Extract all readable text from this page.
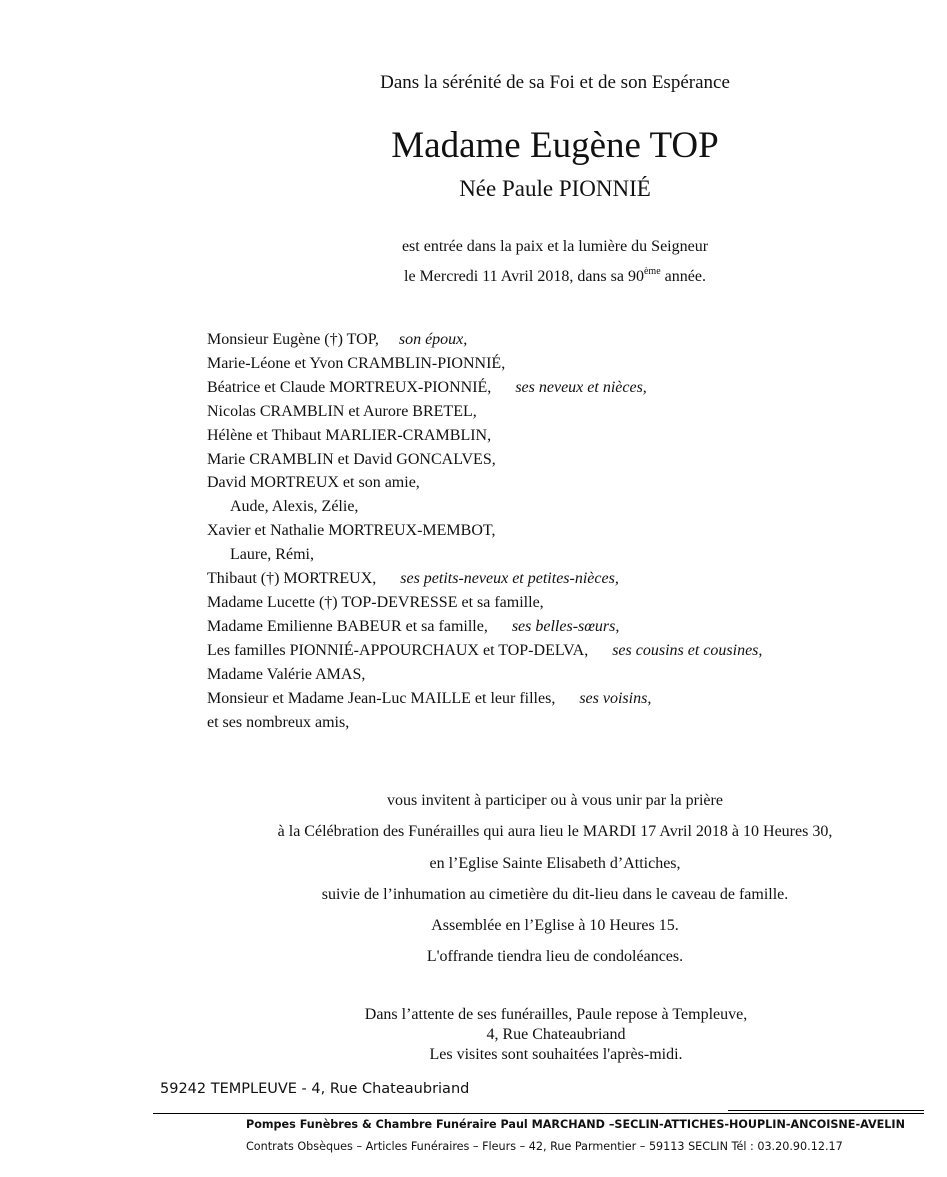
Dans la sérénité de sa Foi et de son Espérance
Madame Eugène TOP
Née Paule PIONNIÉ
est entrée dans la paix et la lumière du Seigneur
le Mercredi 11 Avril 2018, dans sa 90ème année.
Monsieur Eugène (†) TOP, son époux,
Marie-Léone et Yvon CRAMBLIN-PIONNIÉ,
Béatrice et Claude MORTREUX-PIONNIÉ, ses neveux et nièces,
Nicolas CRAMBLIN et Aurore BRETEL,
Hélène et Thibaut MARLIER-CRAMBLIN,
Marie CRAMBLIN et David GONCALVES,
David MORTREUX et son amie,
Aude, Alexis, Zélie,
Xavier et Nathalie MORTREUX-MEMBOT,
Laure, Rémi,
Thibaut (†) MORTREUX, ses petits-neveux et petites-nièces,
Madame Lucette (†) TOP-DEVRESSE et sa famille,
Madame Emilienne BABEUR et sa famille, ses belles-sœurs,
Les familles PIONNIÉ-APPOURCHAUX et TOP-DELVA, ses cousins et cousines,
Madame Valérie AMAS,
Monsieur et Madame Jean-Luc MAILLE et leur filles, ses voisins,
et ses nombreux amis,
vous invitent à participer ou à vous unir par la prière
à la Célébration des Funérailles qui aura lieu le MARDI 17 Avril 2018 à 10 Heures 30,
en l’Eglise Sainte Elisabeth d’Attiches,
suivie de l’inhumation au cimetière du dit-lieu dans le caveau de famille.
Assemblée en l’Eglise à 10 Heures 15.
L'offrande tiendra lieu de condoléances.
Dans l’attente de ses funérailles, Paule repose à Templeuve,
4, Rue Chateaubriand
Les visites sont souhaitées l'après-midi.
59242 TEMPLEUVE - 4, Rue Chateaubriand
Pompes Funèbres & Chambre Funéraire Paul MARCHAND –SECLIN-ATTICHES-HOUPLIN-ANCOISNE-AVELIN
Contrats Obsèques – Articles Funéraires – Fleurs – 42, Rue Parmentier – 59113 SECLIN Tél : 03.20.90.12.17
